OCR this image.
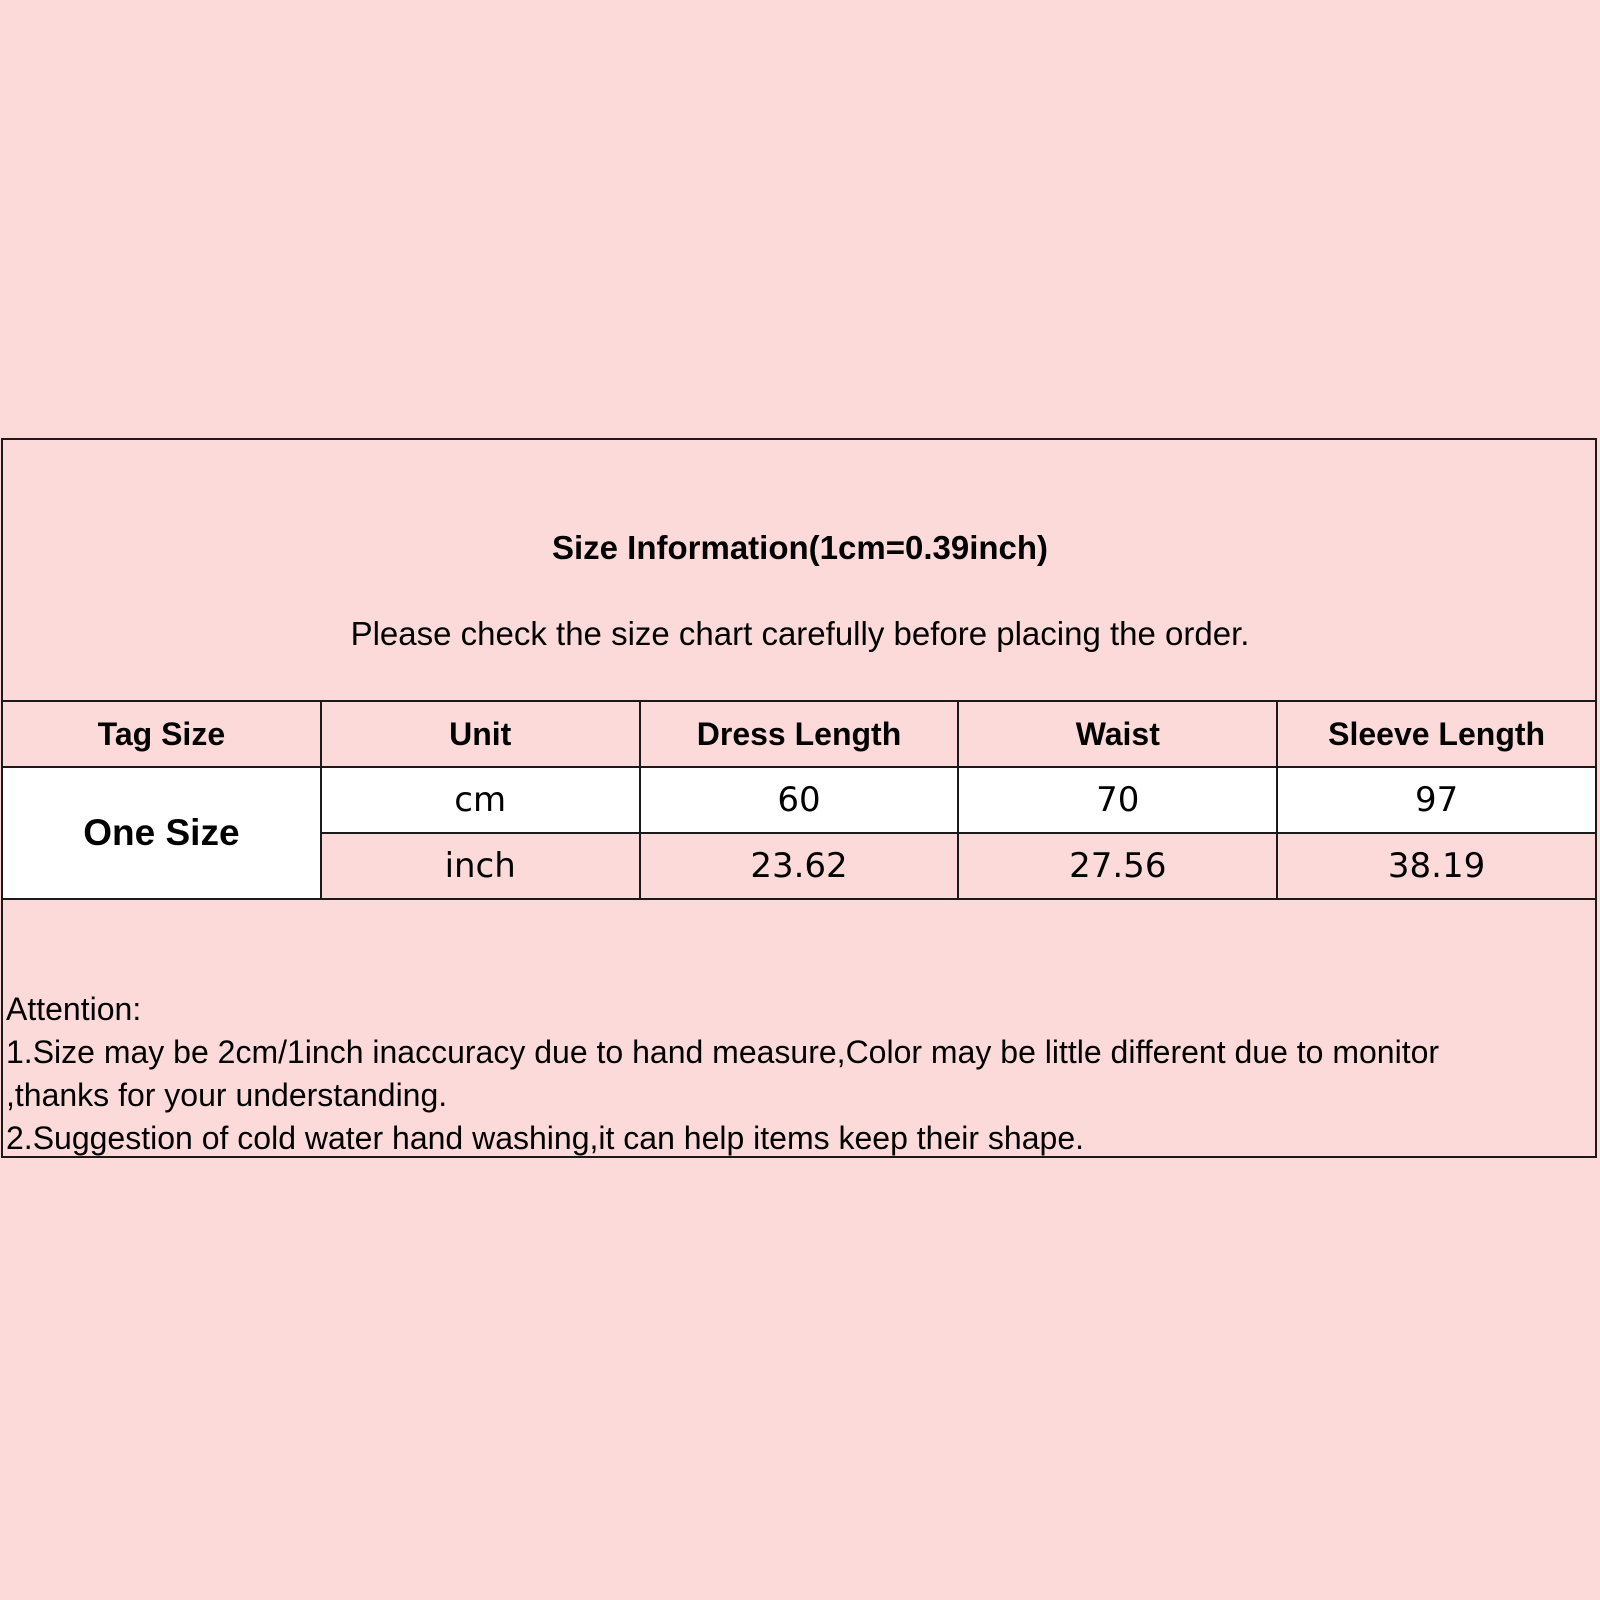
Size Information(1cm=0.39inch)
Please check the size chart carefully before placing the order.
Tag Size	Unit	Dress Length	Waist	Sleeve Length
One Size	cm	60	70	97
	inch	23.62	27.56	38.19
Attention:
1.Size may be 2cm/1inch inaccuracy due to hand measure,Color may be little different due to monitor
,thanks for your understanding.
2.Suggestion of cold water hand washing,it can help items keep their shape.
